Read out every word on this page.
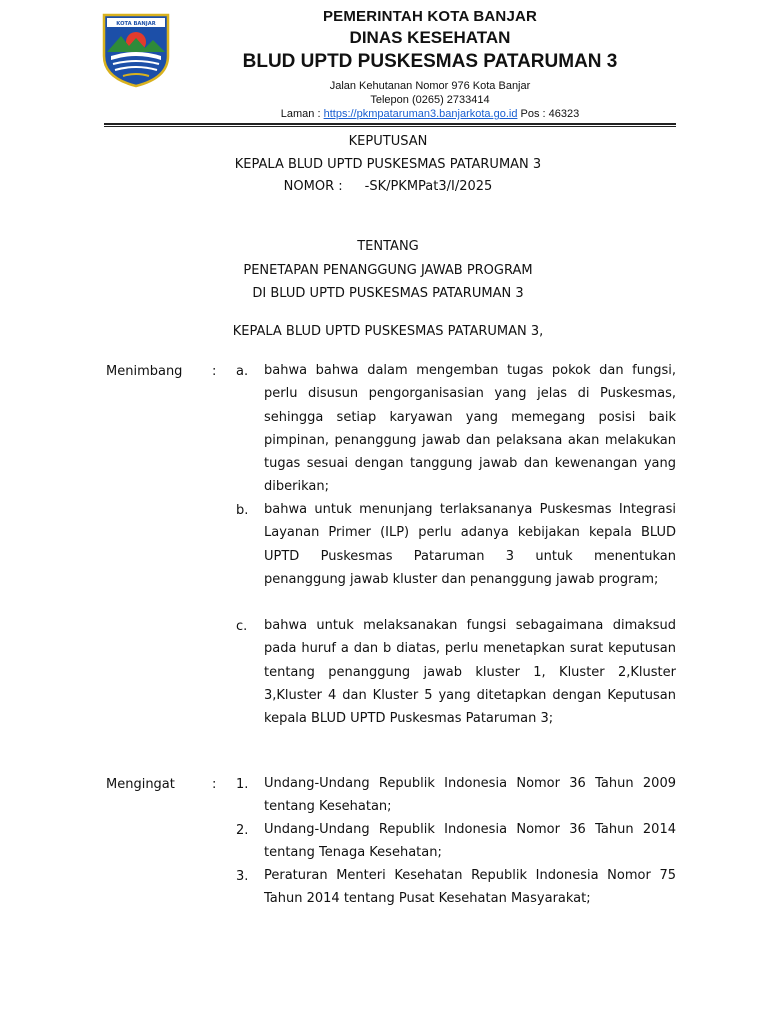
KOTA BANJAR	PEMERINTAH KOTA BANJAR
DINAS KESEHATAN
BLUD UPTD PUSKESMAS PATARUMAN 3
Jalan Kehutanan Nomor 976 Kota Banjar
Telepon (0265) 2733414
Laman : https://pkmpataruman3.banjarkota.go.id Pos : 46323
KEPUTUSAN
KEPALA BLUD UPTD PUSKESMAS PATARUMAN 3
NOMOR : -SK/PKMPat3/I/2025
TENTANG
PENETAPAN PENANGGUNG JAWAB PROGRAM
DI BLUD UPTD PUSKESMAS PATARUMAN 3
KEPALA BLUD UPTD PUSKESMAS PATARUMAN 3,
Menimbang : a. bahwa bahwa dalam mengemban tugas pokok dan fungsi, perlu disusun pengorganisasian yang jelas di Puskesmas, sehingga setiap karyawan yang memegang posisi baik pimpinan, penanggung jawab dan pelaksana akan melakukan tugas sesuai dengan tanggung jawab dan kewenangan yang diberikan;
b. bahwa untuk menunjang terlaksananya Puskesmas Integrasi Layanan Primer (ILP) perlu adanya kebijakan kepala BLUD UPTD Puskesmas Pataruman 3 untuk menentukan penanggung jawab kluster dan penanggung jawab program;
c. bahwa untuk melaksanakan fungsi sebagaimana dimaksud pada huruf a dan b diatas, perlu menetapkan surat keputusan tentang penanggung jawab kluster 1, Kluster 2,Kluster 3,Kluster 4 dan Kluster 5 yang ditetapkan dengan Keputusan kepala BLUD UPTD Puskesmas Pataruman 3;
Mengingat	: 1. Undang-Undang Republik Indonesia Nomor 36 Tahun 2009 tentang Kesehatan;
2. Undang-Undang Republik Indonesia Nomor 36 Tahun 2014 tentang Tenaga Kesehatan;
3. Peraturan Menteri Kesehatan Republik Indonesia Nomor 75 Tahun 2014 tentang Pusat Kesehatan Masyarakat;
